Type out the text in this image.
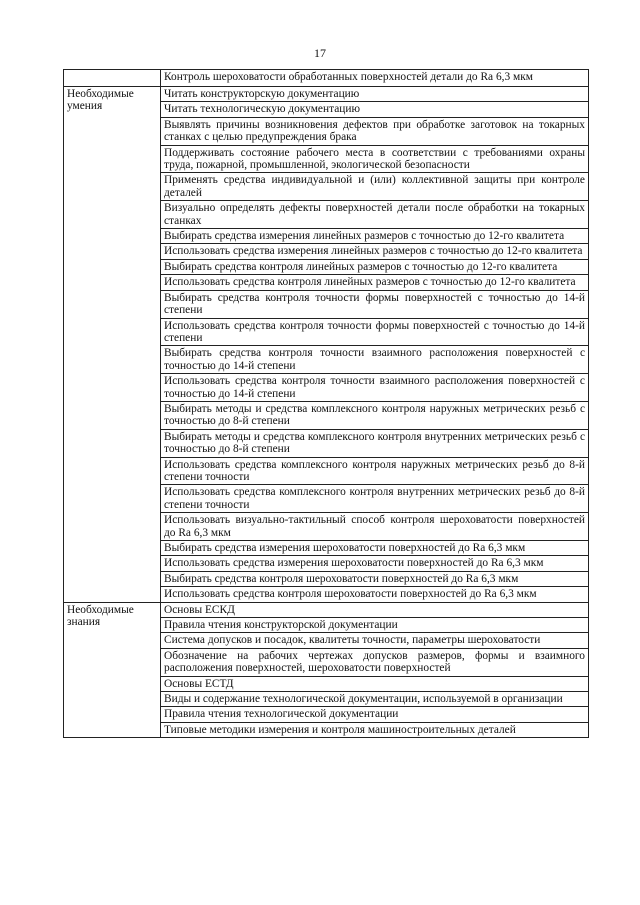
17
	Контроль шероховатости обработанных поверхностей детали до Ra 6,3 мкм
Необходимые умения	Читать конструкторскую документацию
	Читать технологическую документацию
	Выявлять причины возникновения дефектов при обработке заготовок на токарных станках с целью предупреждения брака
	Поддерживать состояние рабочего места в соответствии с требованиями охраны труда, пожарной, промышленной, экологической безопасности
	Применять средства индивидуальной и (или) коллективной защиты при контроле деталей
	Визуально определять дефекты поверхностей детали после обработки на токарных станках
	Выбирать средства измерения линейных размеров с точностью до 12-го квалитета
	Использовать средства измерения линейных размеров с точностью до 12-го квалитета
	Выбирать средства контроля линейных размеров с точностью до 12-го квалитета
	Использовать средства контроля линейных размеров с точностью до 12-го квалитета
	Выбирать средства контроля точности формы поверхностей с точностью до 14-й степени
	Использовать средства контроля точности формы поверхностей с точностью до 14-й степени
	Выбирать средства контроля точности взаимного расположения поверхностей с точностью до 14-й степени
	Использовать средства контроля точности взаимного расположения поверхностей с точностью до 14-й степени
	Выбирать методы и средства комплексного контроля наружных метрических резьб с точностью до 8-й степени
	Выбирать методы и средства комплексного контроля внутренних метрических резьб с точностью до 8-й степени
	Использовать средства комплексного контроля наружных метрических резьб до 8-й степени точности
	Использовать средства комплексного контроля внутренних метрических резьб до 8-й степени точности
	Использовать визуально-тактильный способ контроля шероховатости поверхностей до Ra 6,3 мкм
	Выбирать средства измерения шероховатости поверхностей до Ra 6,3 мкм
	Использовать средства измерения шероховатости поверхностей до Ra 6,3 мкм
	Выбирать средства контроля шероховатости поверхностей до Ra 6,3 мкм
	Использовать средства контроля шероховатости поверхностей до Ra 6,3 мкм
Необходимые знания	Основы ЕСКД
	Правила чтения конструкторской документации
	Система допусков и посадок, квалитеты точности, параметры шероховатости
	Обозначение на рабочих чертежах допусков размеров, формы и взаимного расположения поверхностей, шероховатости поверхностей
	Основы ЕСТД
	Виды и содержание технологической документации, используемой в организации
	Правила чтения технологической документации
	Типовые методики измерения и контроля машиностроительных деталей
